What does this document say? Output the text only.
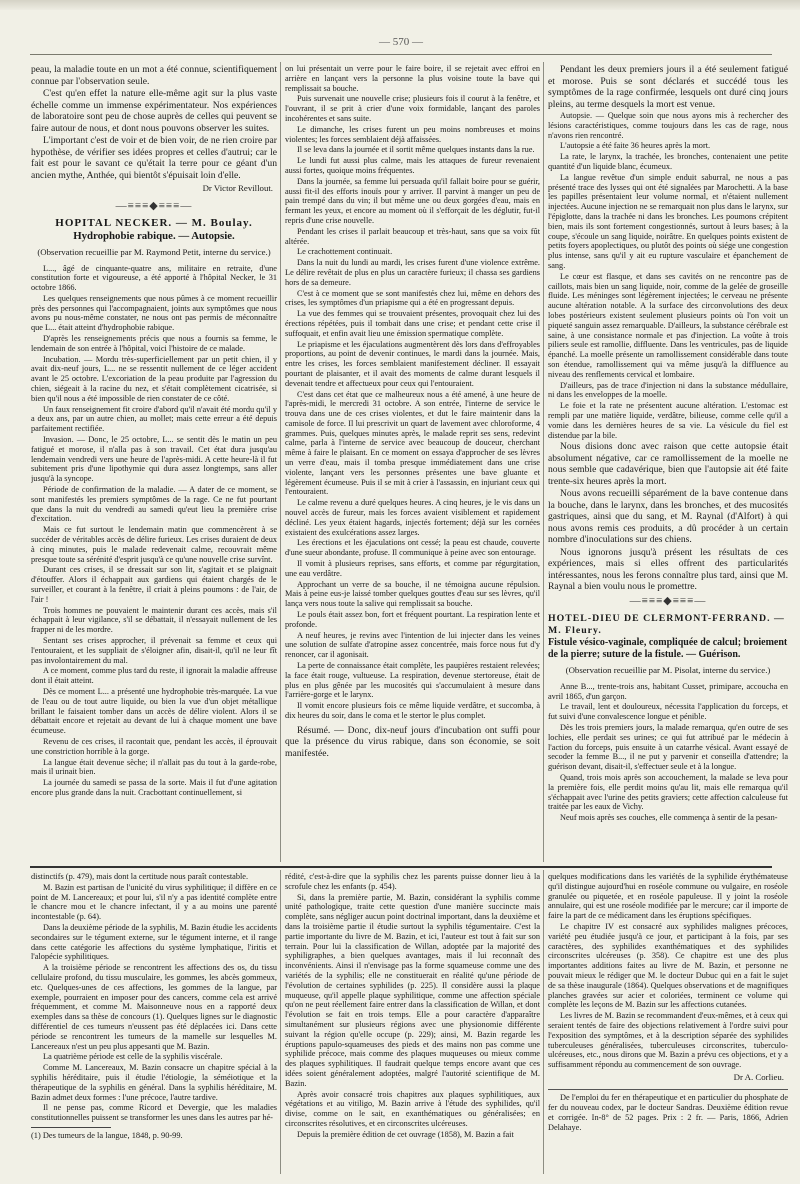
— 570 —

peau, la maladie toute en un mot a été connue, scientifiquement connue par l'observation seule.

C'est qu'en effet la nature elle-même agit sur la plus vaste échelle comme un immense expérimentateur. Nos expériences de laboratoire sont peu de chose auprès de celles qui peuvent se faire autour de nous, et dont nous pouvons observer les suites.

L'important c'est de voir et de bien voir, de ne rien croire par hypothèse, de vérifier ses idées propres et celles d'autrui; car le fait est pour le savant ce qu'était la terre pour ce géant d'un ancien mythe, Anthée, qui bientôt s'épuisait loin d'elle.

Dr Victor Revillout.
—≡≡≡◆≡≡≡—
HOPITAL NECKER. — M. Boulay.
Hydrophobie rabique. — Autopsie.
(Observation recueillie par M. Raymond Petit, interne du service.)

L..., âgé de cinquante-quatre ans, militaire en retraite, d'une constitution forte et vigoureuse, a été apporté à l'hôpital Necker, le 31 octobre 1866.

Les quelques renseignements que nous pûmes à ce moment recueillir près des personnes qui l'accompagnaient, joints aux symptômes que nous avons pu nous-même constater, ne nous ont pas permis de méconnaître que L... était atteint d'hydrophobie rabique.

D'après les renseignements précis que nous a fournis sa femme, le lendemain de son entrée à l'hôpital, voici l'histoire de ce malade.

Incubation. — Mordu très-superficiellement par un petit chien, il y avait dix-neuf jours, L... ne se ressentit nullement de ce léger accident avant le 25 octobre. L'excoriation de la peau produite par l'agression du chien, siégeait à la racine du nez, et s'était complètement cicatrisée, si bien qu'il nous a été impossible de rien constater de ce côté.

Un faux renseignement fit croire d'abord qu'il n'avait été mordu qu'il y a deux ans, par un autre chien, au mollet; mais cette erreur a été depuis parfaitement rectifiée.

Invasion. — Donc, le 25 octobre, L... se sentit dès le matin un peu fatigué et morose, il n'alla pas à son travail. Cet état dura jusqu'au lendemain vendredi vers une heure de l'après-midi. A cette heure-là il fut subitement pris d'une lipothymie qui dura assez longtemps, sans aller jusqu'à la syncope.

Période de confirmation de la maladie. — A dater de ce moment, se sont manifestés les premiers symptômes de la rage. Ce ne fut pourtant que dans la nuit du vendredi au samedi qu'eut lieu la première crise d'excitation.

Mais ce fut surtout le lendemain matin que commencèrent à se succéder de véritables accès de délire furieux. Les crises duraient de deux à cinq minutes, puis le malade redevenait calme, recouvrait même presque toute sa sérénité d'esprit jusqu'à ce qu'une nouvelle crise survînt.

Durant ces crises, il se dressait sur son lit, s'agitait et se plaignait d'étouffer. Alors il échappait aux gardiens qui étaient chargés de le surveiller, et courant à la fenêtre, il criait à pleins poumons : de l'air, de l'air !

Trois hommes ne pouvaient le maintenir durant ces accès, mais s'il échappait à leur vigilance, s'il se débattait, il n'essayait nullement de les frapper ni de les mordre.

Sentant ses crises approcher, il prévenait sa femme et ceux qui l'entouraient, et les suppliait de s'éloigner afin, disait-il, qu'il ne leur fît pas involontairement du mal.

A ce moment, comme plus tard du reste, il ignorait la maladie affreuse dont il était atteint.

Dès ce moment L... a présenté une hydrophobie très-marquée. La vue de l'eau ou de tout autre liquide, ou bien la vue d'un objet métallique brillant le faisaient tomber dans un accès de délire violent. Alors il se débattait encore et rejetait au devant de lui à chaque moment une bave écumeuse.

Revenu de ces crises, il racontait que, pendant les accès, il éprouvait une constriction horrible à la gorge.

La langue était devenue sèche; il n'allait pas du tout à la garde-robe, mais il urinait bien.

La journée du samedi se passa de la sorte. Mais il fut d'une agitation encore plus grande dans la nuit. Cracbottant continuellement, si

on lui présentait un verre pour le faire boire, il se rejetait avec effroi en arrière en lançant vers la personne la plus voisine toute la bave qui remplissait sa bouche.

Puis survenait une nouvelle crise; plusieurs fois il courut à la fenêtre, et l'ouvrant, il se prit à crier d'une voix formidable, lançant des paroles incohérentes et sans suite.

Le dimanche, les crises furent un peu moins nombreuses et moins violentes; les forces semblaient déjà affaissées.

Il se leva dans la journée et il sortit même quelques instants dans la rue.

Le lundi fut aussi plus calme, mais les attaques de fureur revenaient aussi fortes, quoique moins fréquentes.

Dans la journée, sa femme lui persuada qu'il fallait boire pour se guérir, aussi fit-il des efforts inouïs pour y arriver. Il parvint à manger un peu de pain trempé dans du vin; il but même une ou deux gorgées d'eau, mais en fermant les yeux, et encore au moment où il s'efforçait de les déglutir, fut-il repris d'une crise nouvelle.

Pendant les crises il parlait beaucoup et très-haut, sans que sa voix fût altérée.

Le crachottement continuait.

Dans la nuit du lundi au mardi, les crises furent d'une violence extrême. Le délire revêtait de plus en plus un caractère furieux; il chassa ses gardiens hors de sa demeure.

C'est à ce moment que se sont manifestés chez lui, même en dehors des crises, les symptômes d'un priapisme qui a été en progressant depuis.

La vue des femmes qui se trouvaient présentes, provoquait chez lui des érections répétées, puis il tombait dans une crise; et pendant cette crise il suffoquait, et enfin avait lieu une émission spermatique complète.

Le priapisme et les éjaculations augmentèrent dès lors dans d'effroyables proportions, au point de devenir continues, le mardi dans la journée. Mais, entre les crises, les forces semblaient manifestement décliner. Il essayait pourtant de plaisanter, et il avait des moments de calme durant lesquels il devenait tendre et affectueux pour ceux qui l'entouraient.

C'est dans cet état que ce malheureux nous a été amené, à une heure de l'après-midi, le mercredi 31 octobre. A son entrée, l'interne de service le trouva dans une de ces crises violentes, et dut le faire maintenir dans la camisole de force. Il lui prescrivit un quart de lavement avec chloroforme, 4 grammes. Puis, quelques minutes après, le malade reprit ses sens, redevint calme, parla à l'interne de service avec beaucoup de douceur, cherchant même à faire le plaisant. En ce moment on essaya d'approcher de ses lèvres un verre d'eau, mais il tomba presque immédiatement dans une crise violente, lançant vers les personnes présentes une bave gluante et légèrement écumeuse. Puis il se mit à crier à l'assassin, en injuriant ceux qui l'entouraient.

Le calme revenu a duré quelques heures. A cinq heures, je le vis dans un nouvel accès de fureur, mais les forces avaient visiblement et rapidement décliné. Les yeux étaient hagards, injectés fortement; déjà sur les cornées existaient des exulcérations assez larges.

Les érections et les éjaculations ont cessé; la peau est chaude, couverte d'une sueur abondante, profuse. Il communique à peine avec son entourage.

Il vomit à plusieurs reprises, sans efforts, et comme par régurgitation, une eau verdâtre.

Approchant un verre de sa bouche, il ne témoigna aucune répulsion. Mais à peine eus-je laissé tomber quelques gouttes d'eau sur ses lèvres, qu'il lança vers nous toute la salive qui remplissait sa bouche.

Le pouls était assez bon, fort et fréquent pourtant. La respiration lente et profonde.

A neuf heures, je revins avec l'intention de lui injecter dans les veines une solution de sulfate d'atropine assez concentrée, mais force nous fut d'y renoncer, car il agonisait.

La perte de connaissance était complète, les paupières restaient relevées; la face était rouge, vultueuse. La respiration, devenue stertoreuse, était de plus en plus gênée par les mucosités qui s'accumulaient à mesure dans l'arrière-gorge et le larynx.

Il vomit encore plusieurs fois ce même liquide verdâtre, et succomba, à dix heures du soir, dans le coma et le stertor le plus complet.

Résumé. — Donc, dix-neuf jours d'incubation ont suffi pour que la présence du virus rabique, dans son économie, se soit manifestée.

Pendant les deux premiers jours il a été seulement fatigué et morose. Puis se sont déclarés et succédé tous les symptômes de la rage confirmée, lesquels ont duré cinq jours pleins, au terme desquels la mort est venue.

Autopsie. — Quelque soin que nous ayons mis à rechercher des lésions caractéristiques, comme toujours dans les cas de rage, nous n'avons rien rencontré.

L'autopsie a été faite 36 heures après la mort.

La rate, le larynx, la trachée, les bronches, contenaient une petite quantité d'un liquide blanc, écumeux.

La langue revêtue d'un simple enduit saburral, ne nous a pas présenté trace des lysses qui ont été signalées par Marochetti. A la base les papilles présentaient leur volume normal, et n'étaient nullement injectées. Aucune injection ne se remarquait non plus dans le larynx, sur l'épiglotte, dans la trachée ni dans les bronches. Les poumons crépitent bien, mais ils sont fortement congestionnés, surtout à leurs bases; à la coupe, s'écoule un sang liquide, noirâtre. En quelques points existent de petits foyers apoplectiques, ou plutôt des points où siége une congestion plus intense, sans qu'il y ait eu rupture vasculaire et épanchement de sang.

Le cœur est flasque, et dans ses cavités on ne rencontre pas de caillots, mais bien un sang liquide, noir, comme de la gelée de groseille fluide. Les méninges sont légèrement injectées; le cerveau ne présente aucune altération notable. A la surface des circonvolutions des deux lobes postérieurs existent seulement plusieurs points où l'on voit un piqueté sanguin assez remarquable. D'ailleurs, la substance cérébrale est saine, à une consistance normale et pas d'injection. La voûte à trois piliers seule est ramollie, diffluente. Dans les ventricules, pas de liquide épanché. La moelle présente un ramollissement considérable dans toute son étendue, ramollissement qui va même jusqu'à la diffluence au niveau des renflements cervical et lombaire.

D'ailleurs, pas de trace d'injection ni dans la substance médullaire, ni dans les enveloppes de la moelle.

Le foie et la rate ne présentent aucune altération. L'estomac est rempli par une matière liquide, verdâtre, bilieuse, comme celle qu'il a vomie dans les dernières heures de sa vie. La vésicule du fiel est distendue par la bile.

Nous disions donc avec raison que cette autopsie était absolument négative, car ce ramollissement de la moelle ne nous semble que cadavérique, bien que l'autopsie ait été faite trente-six heures après la mort.

Nous avons recueilli séparément de la bave contenue dans la bouche, dans le larynx, dans les bronches, et des mucosités gastriques, ainsi que du sang, et M. Raynal (d'Alfort) à qui nous avons remis ces produits, a dû procéder à un certain nombre d'inoculations sur des chiens.

Nous ignorons jusqu'à présent les résultats de ces expériences, mais si elles offrent des particularités intéressantes, nous les ferons connaître plus tard, ainsi que M. Raynal a bien voulu nous le promettre.

—≡≡≡◆≡≡≡—
HOTEL-DIEU DE CLERMONT-FERRAND. — M. Fleury.
Fistule vésico-vaginale, compliquée de calcul; broiement de la pierre; suture de la fistule. — Guérison.
(Observation recueillie par M. Pisolat, interne du service.)

Anne B..., trente-trois ans, habitant Cusset, primipare, accoucha en avril 1865, d'un garçon.

Le travail, lent et douloureux, nécessita l'application du forceps, et fut suivi d'une convalescence longue et pénible.

Dès les trois premiers jours, la malade remarqua, qu'en outre de ses lochies, elle perdait ses urines; ce qui fut attribué par le médecin à l'action du forceps, puis ensuite à un catarrhe vésical. Avant essayé de secoder la femme B..., il ne put y parvenir et conseilla d'attendre; la guérison devant, disait-il, s'effectuer seule et à la longue.

Quand, trois mois après son accouchement, la malade se leva pour la première fois, elle perdit moins qu'au lit, mais elle remarqua qu'il s'échappait avec l'urine des petits graviers; cette affection calculeuse fut traitée par les eaux de Vichy.

Neuf mois après ses couches, elle commença à sentir de la pesan-

distinctifs (p. 479), mais dont la certitude nous paraît contestable.

M. Bazin est partisan de l'unicité du virus syphilitique; il diffère en ce point de M. Lancereaux; et pour lui, s'il n'y a pas identité complète entre le chancre mou et le chancre infectant, il y a au moins une parenté incontestable (p. 64).

Dans la deuxième période de la syphilis, M. Bazin étudie les accidents secondaires sur le tégument externe, sur le tégument interne, et il range dans cette catégorie les affections du système lymphatique, l'iritis et l'alopécie syphilitiques.

A la troisième période se rencontrent les affections des os, du tissu cellulaire profond, du tissu musculaire, les gommes, les abcès gommeux, etc. Quelques-unes de ces affections, les gommes de la langue, par exemple, pourraient en imposer pour des cancers, comme cela est arrivé fréquemment, et comme M. Maisonneuve nous en a rapporté deux exemples dans sa thèse de concours (1). Quelques lignes sur le diagnostic différentiel de ces tumeurs n'eussent pas été déplacées ici. Dans cette période se rencontrent les tumeurs de la mamelle sur lesquelles M. Lancereaux n'est un peu plus appesanti que M. Bazin.

La quatrième période est celle de la syphilis viscérale.

Comme M. Lancereaux, M. Bazin consacre un chapitre spécial à la syphilis héréditaire, puis il étudie l'étiologie, la séméiotique et la thérapeutique de la syphilis en général. Dans la syphilis héréditaire, M. Bazin admet deux formes : l'une précoce, l'autre tardive.

Il ne pense pas, comme Ricord et Devergie, que les maladies constitutionnelles puissent se transformer les unes dans les autres par hé-

(1) Des tumeurs de la langue, 1848, p. 90-99.

rédité, c'est-à-dire que la syphilis chez les parents puisse donner lieu à la scrofule chez les enfants (p. 454).

Si, dans la première partie, M. Bazin, considérant la syphilis comme unité pathologique, traite cette question d'une manière succincte mais complète, sans négliger aucun point doctrinal important, dans la deuxième et dans la troisième partie il étudie surtout la syphilis tégumentaire. C'est la partie importante du livre de M. Bazin, et ici, l'auteur est tout à fait sur son terrain. Pour lui la classification de Willan, adoptée par la majorité des syphiligraphes, a bien quelques avantages, mais il lui reconnaît des inconvénients. Ainsi il n'envisage pas la forme squameuse comme une des variétés de la syphilis; elle ne constituerait en réalité qu'une période de l'évolution de certaines syphilides (p. 225). Il considère aussi la plaque muqueuse, qu'il appelle plaque syphilitique, comme une affection spéciale qu'on ne peut réellement faire entrer dans la classification de Willan, et dont l'évolution se fait en trois temps. Elle a pour caractère d'apparaître simultanément sur plusieurs régions avec une physionomie différente suivant la région qu'elle occupe (p. 229); ainsi, M. Bazin regarde les éruptions papulo-squameuses des pieds et des mains non pas comme une syphilide précoce, mais comme des plaques muqueuses ou mieux comme des plaques syphilitiques. Il faudrait quelque temps encore avant que ces idées soient généralement adoptées, malgré l'autorité scientifique de M. Bazin.

Après avoir consacré trois chapitres aux plaques syphilitiques, aux végétations et au vitiligo, M. Bazin arrive à l'étude des syphilides, qu'il divise, comme on le sait, en exanthématiques ou généralisées; en circonscrites résolutives, et en circonscrites ulcéreuses.

Depuis la première édition de cet ouvrage (1858), M. Bazin a fait

quelques modifications dans les variétés de la syphilide érythémateuse qu'il distingue aujourd'hui en roséole commune ou vulgaire, en roséole granulée ou piquetée, et en roséole papuleuse. Il y joint la roséole annulaire, qui est une roséole modifiée par le mercure; car il importe de faire la part de ce médicament dans les éruptions spécifiques.

Le chapitre IV est consacré aux syphilides malignes précoces, variété peu étudiée jusqu'à ce jour, et participant à la fois, par ses caractères, des syphilides exanthématiques et des syphilides circonscrites ulcéreuses (p. 358). Ce chapitre est une des plus importantes additions faites au livre de M. Bazin, et personne ne pouvait mieux le rédiger que M. le docteur Dubuc qui en a fait le sujet de sa thèse inaugurale (1864). Quelques observations et de magnifiques planches gravées sur acier et coloriées, terminent ce volume qui complète les leçons de M. Bazin sur les affections cutanées.

Les livres de M. Bazin se recommandent d'eux-mêmes, et à ceux qui seraient tentés de faire des objections relativement à l'ordre suivi pour l'exposition des symptômes, et à la description séparée des syphilides tuberculeuses généralisées, tuberculeuses circonscrites, tuberculo-ulcéreuses, etc., nous dirons que M. Bazin a prévu ces objections, et y a suffisamment répondu au commencement de son ouvrage.

Dr A. Corlieu.

De l'emploi du fer en thérapeutique et en particulier du phosphate de fer du nouveau codex, par le docteur Sandras. Deuxième édition revue et corrigée. In-8° de 52 pages. Prix : 2 fr. — Paris, 1866, Adrien Delahaye.
